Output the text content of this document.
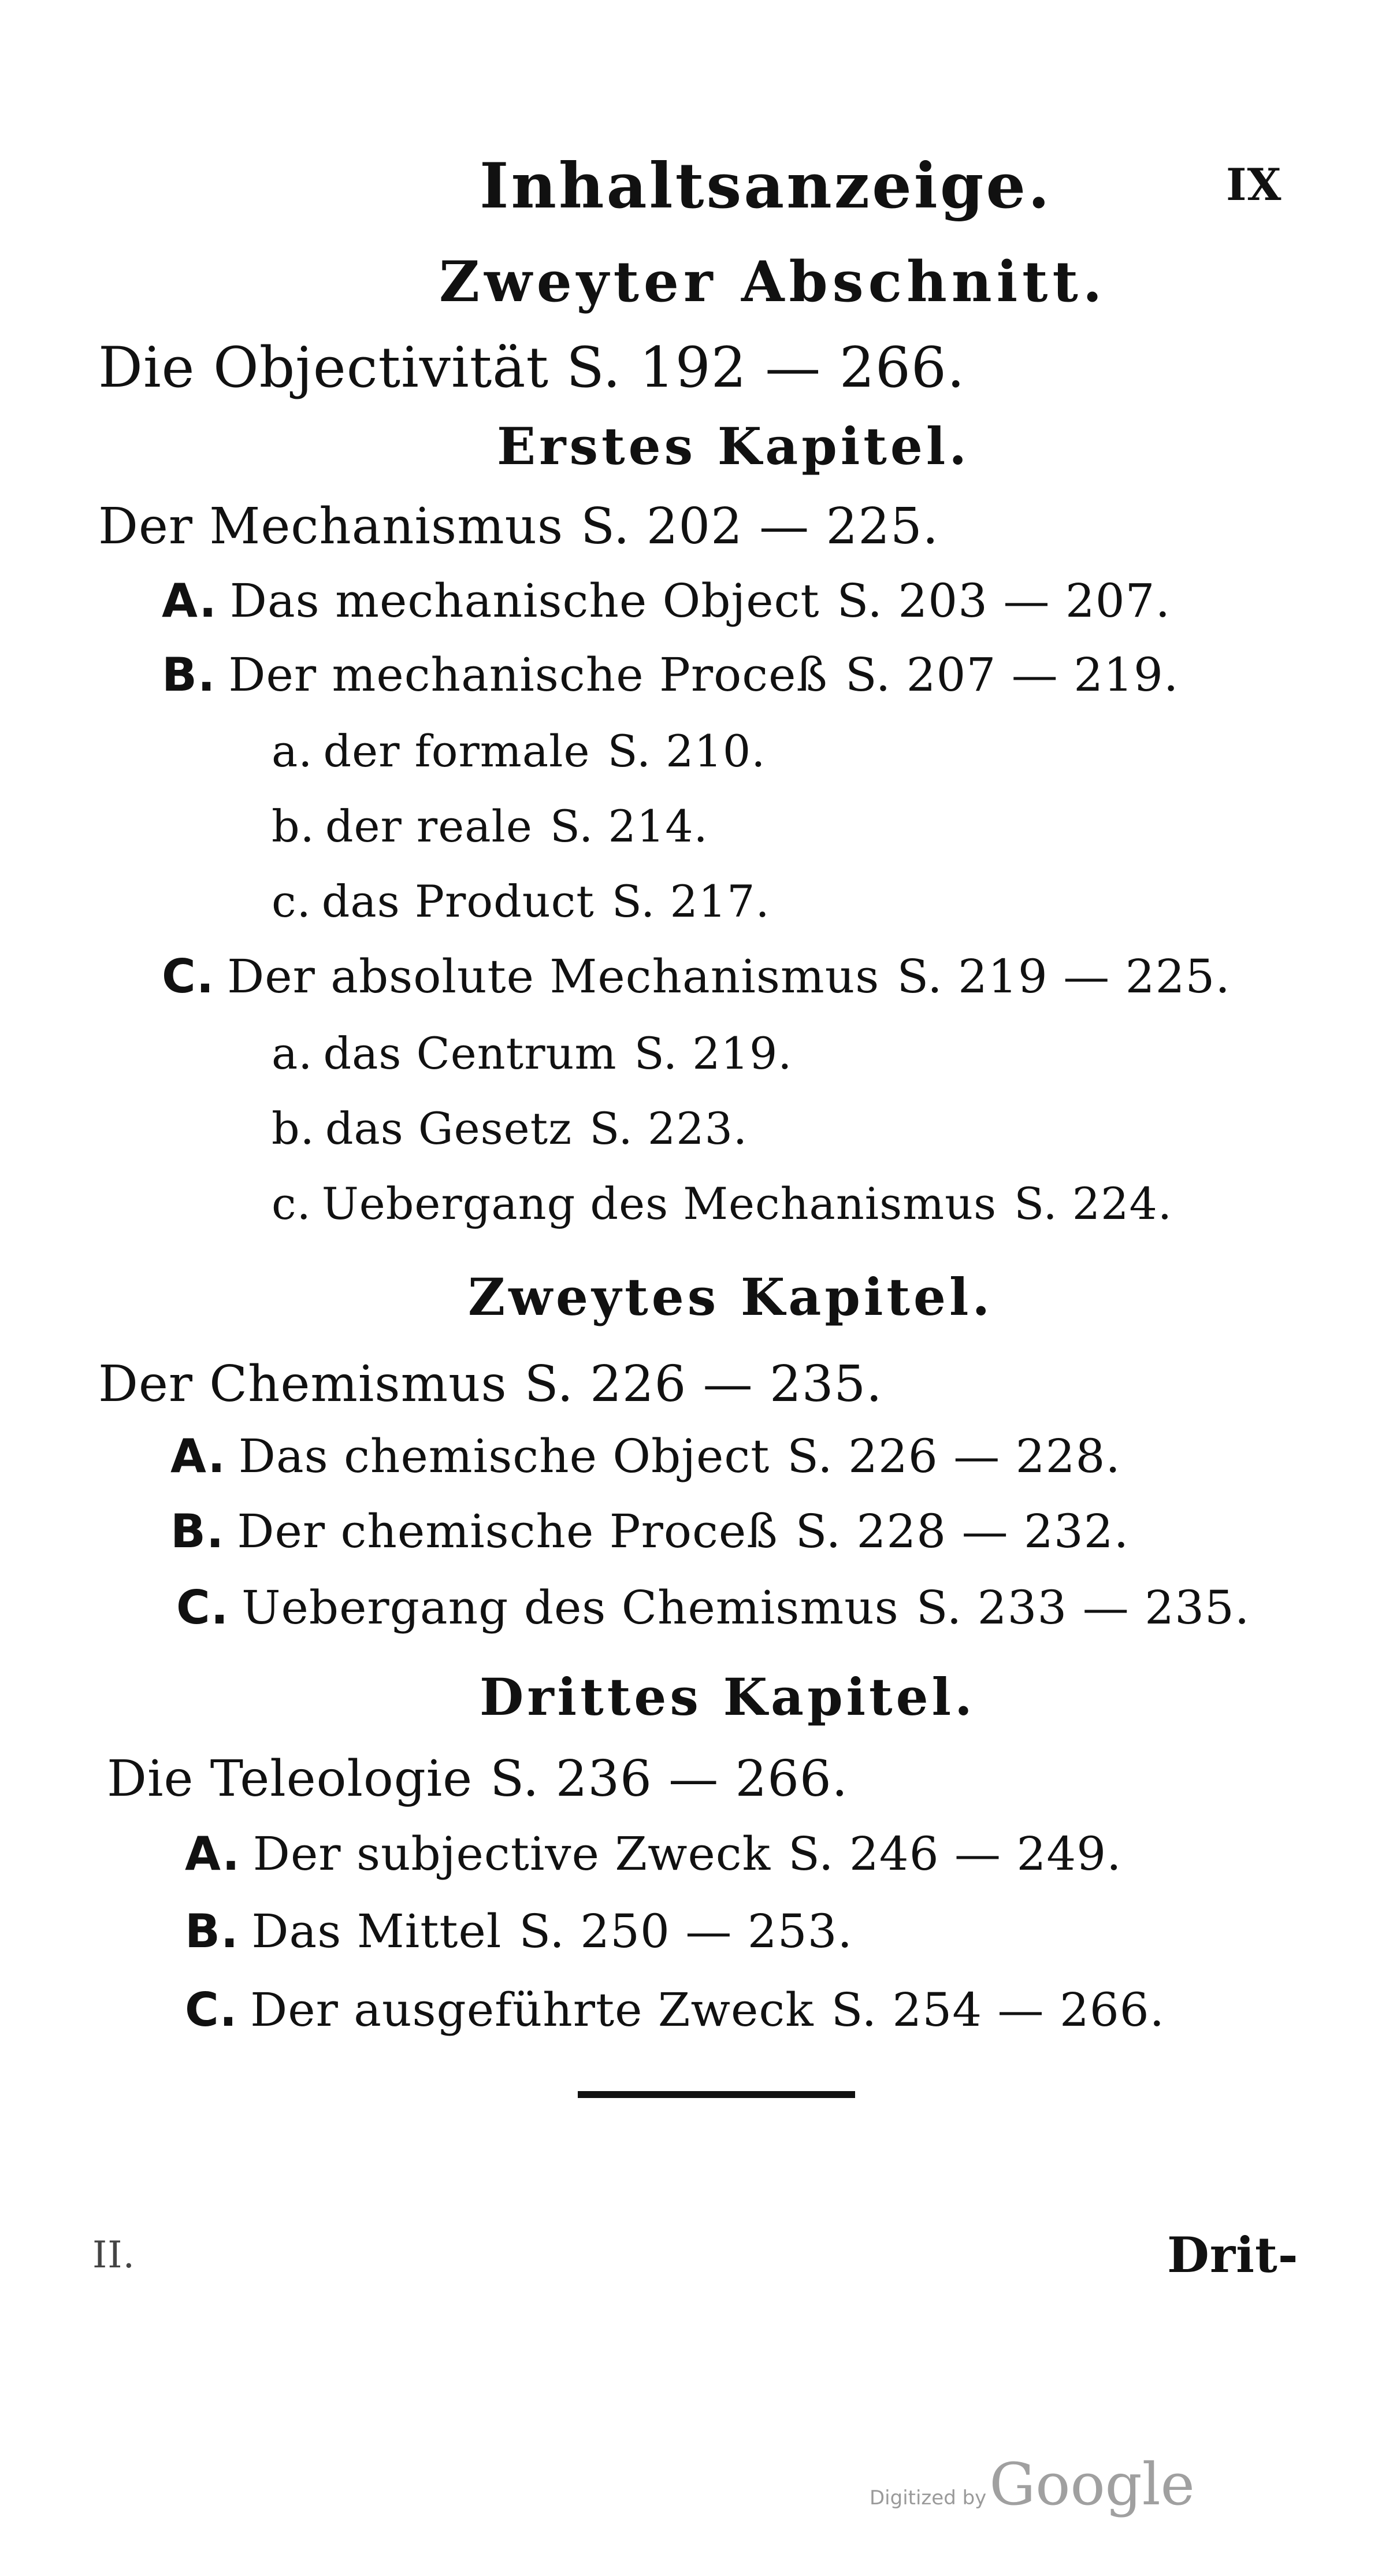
Inhaltsanzeige.	IX
Zweyter Abschnitt.
Die Objectivität S. 192 — 266.
Erstes Kapitel.
Der Mechanismus S. 202 — 225.
A. Das mechanische Object S. 203 — 207.
B. Der mechanische Proceß S. 207 — 219.
a. der formale S. 210.
b. der reale S. 214.
c. das Product S. 217.
C. Der absolute Mechanismus S. 219 — 225.
a. das Centrum S. 219.
b. das Gesetz S. 223.
c. Uebergang des Mechanismus S. 224.
Zweytes Kapitel.
Der Chemismus S. 226 — 235.
A. Das chemische Object S. 226 — 228.
B. Der chemische Proceß S. 228 — 232.
C. Uebergang des Chemismus S. 233 — 235.
Drittes Kapitel.
Die Teleologie S. 236 — 266.
A. Der subjective Zweck S. 246 — 249.
B. Das Mittel S. 250 — 253.
C. Der ausgeführte Zweck S. 254 — 266.
II.	Drit-
Digitized by Google
